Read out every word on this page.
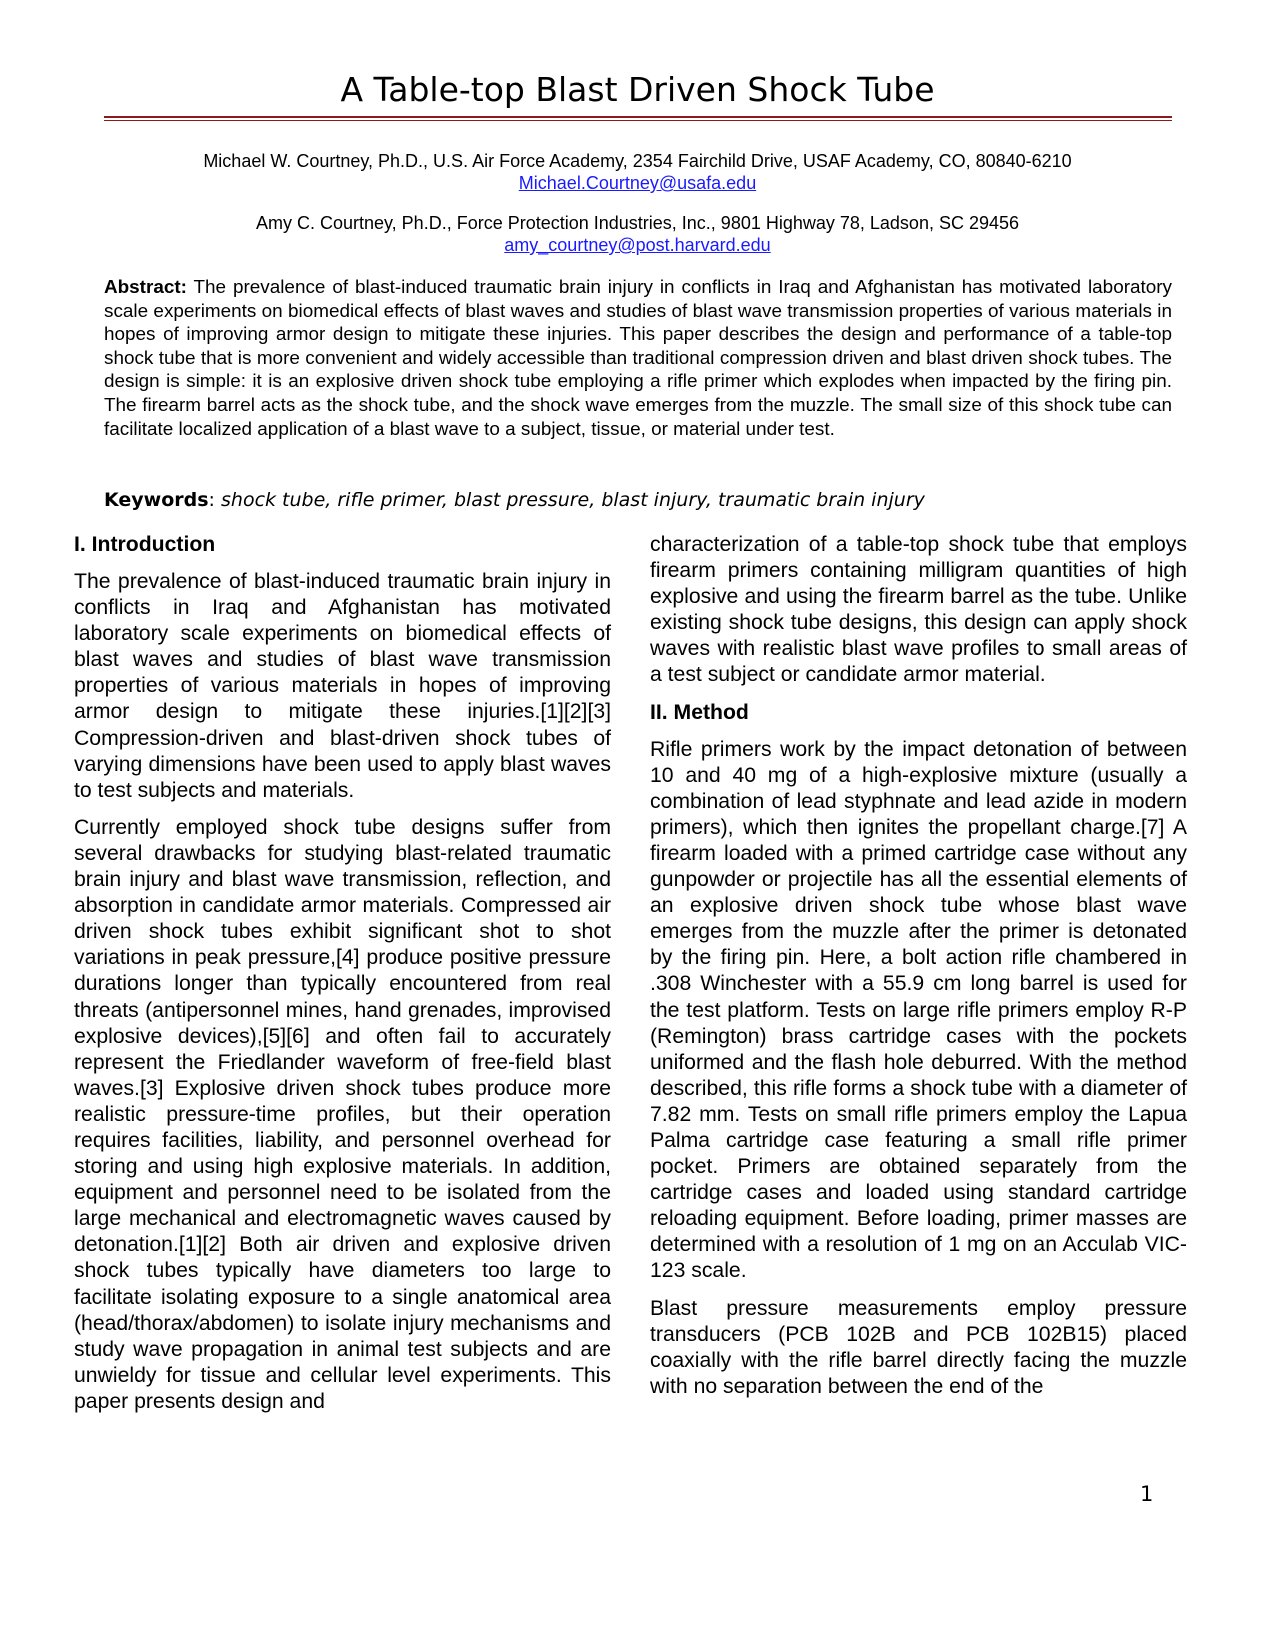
A Table-top Blast Driven Shock Tube
Michael W. Courtney, Ph.D., U.S. Air Force Academy, 2354 Fairchild Drive, USAF Academy, CO, 80840-6210
Michael.Courtney@usafa.edu
Amy C. Courtney, Ph.D., Force Protection Industries, Inc., 9801 Highway 78, Ladson, SC 29456
amy_courtney@post.harvard.edu

Abstract: The prevalence of blast-induced traumatic brain injury in conflicts in Iraq and Afghanistan has motivated laboratory scale experiments on biomedical effects of blast waves and studies of blast wave transmission properties of various materials in hopes of improving armor design to mitigate these injuries. This paper describes the design and performance of a table-top shock tube that is more convenient and widely accessible than traditional compression driven and blast driven shock tubes. The design is simple: it is an explosive driven shock tube employing a rifle primer which explodes when impacted by the firing pin. The firearm barrel acts as the shock tube, and the shock wave emerges from the muzzle. The small size of this shock tube can facilitate localized application of a blast wave to a subject, tissue, or material under test.

Keywords: shock tube, rifle primer, blast pressure, blast injury, traumatic brain injury
I. Introduction

The prevalence of blast-induced traumatic brain injury in conflicts in Iraq and Afghanistan has motivated laboratory scale experiments on biomedical effects of blast waves and studies of blast wave transmission properties of various materials in hopes of improving armor design to mitigate these injuries.[1][2][3] Compression-driven and blast-driven shock tubes of varying dimensions have been used to apply blast waves to test subjects and materials.

Currently employed shock tube designs suffer from several drawbacks for studying blast-related traumatic brain injury and blast wave transmission, reflection, and absorption in candidate armor materials. Compressed air driven shock tubes exhibit significant shot to shot variations in peak pressure,[4] produce positive pressure durations longer than typically encountered from real threats (antipersonnel mines, hand grenades, improvised explosive devices),[5][6] and often fail to accurately represent the Friedlander waveform of free-field blast waves.[3] Explosive driven shock tubes produce more realistic pressure-time profiles, but their operation requires facilities, liability, and personnel overhead for storing and using high explosive materials. In addition, equipment and personnel need to be isolated from the large mechanical and electromagnetic waves caused by detonation.[1][2] Both air driven and explosive driven shock tubes typically have diameters too large to facilitate isolating exposure to a single anatomical area (head/thorax/abdomen) to isolate injury mechanisms and study wave propagation in animal test subjects and are unwieldy for tissue and cellular level experiments. This paper presents design and

characterization of a table-top shock tube that employs firearm primers containing milligram quantities of high explosive and using the firearm barrel as the tube. Unlike existing shock tube designs, this design can apply shock waves with realistic blast wave profiles to small areas of a test subject or candidate armor material.

II. Method

Rifle primers work by the impact detonation of between 10 and 40 mg of a high-explosive mixture (usually a combination of lead styphnate and lead azide in modern primers), which then ignites the propellant charge.[7] A firearm loaded with a primed cartridge case without any gunpowder or projectile has all the essential elements of an explosive driven shock tube whose blast wave emerges from the muzzle after the primer is detonated by the firing pin. Here, a bolt action rifle chambered in .308 Winchester with a 55.9 cm long barrel is used for the test platform. Tests on large rifle primers employ R-P (Remington) brass cartridge cases with the pockets uniformed and the flash hole deburred. With the method described, this rifle forms a shock tube with a diameter of 7.82 mm. Tests on small rifle primers employ the Lapua Palma cartridge case featuring a small rifle primer pocket. Primers are obtained separately from the cartridge cases and loaded using standard cartridge reloading equipment. Before loading, primer masses are determined with a resolution of 1 mg on an Acculab VIC-123 scale.

Blast pressure measurements employ pressure transducers (PCB 102B and PCB 102B15) placed coaxially with the rifle barrel directly facing the muzzle with no separation between the end of the

1
